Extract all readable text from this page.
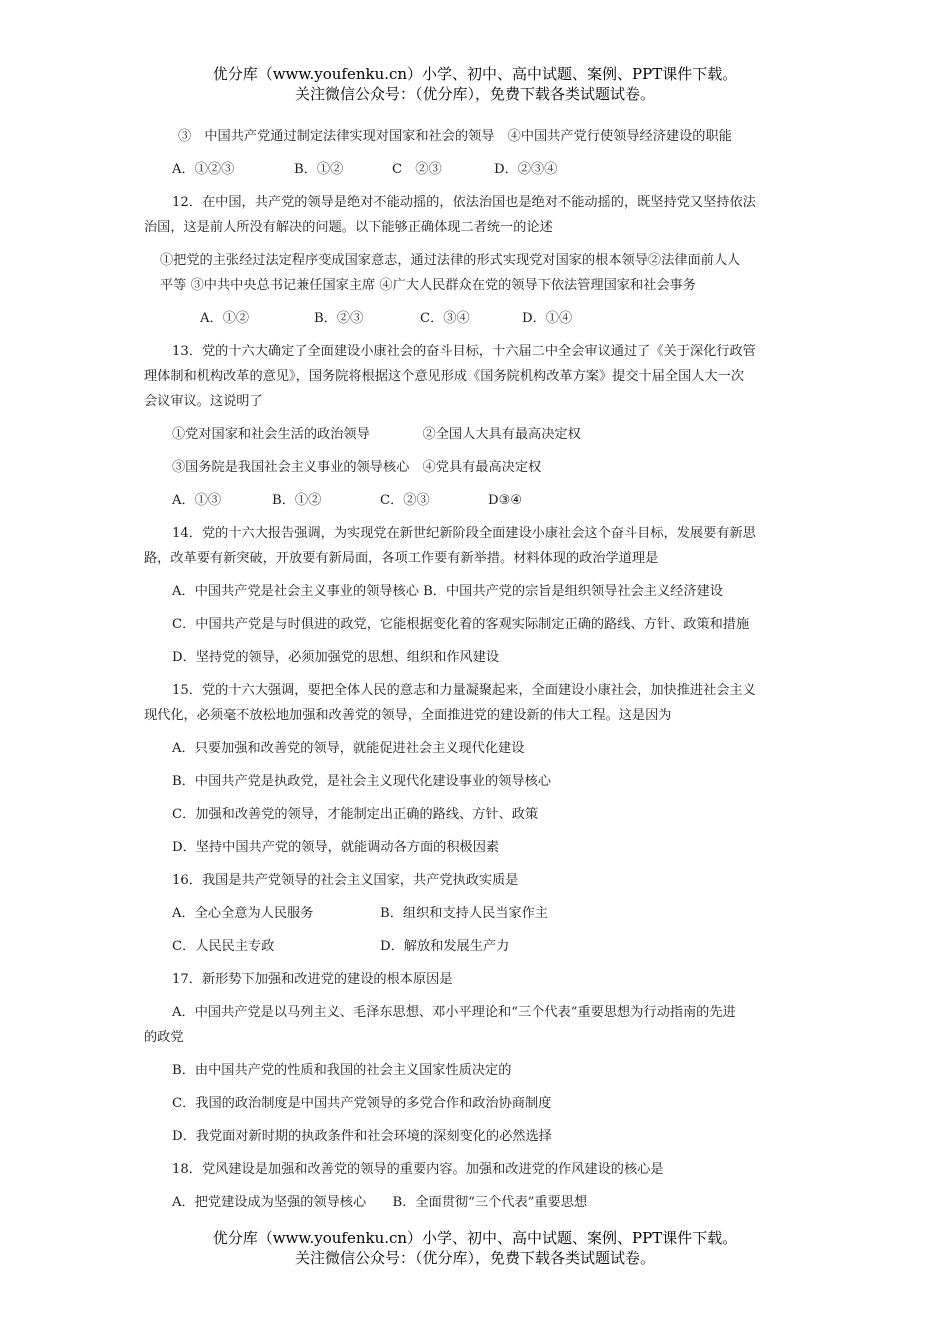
优分库（www.youfenku.cn）小学、初中、高中试题、案例、PPT课件下载。
关注微信公众号：（优分库），免费下载各类试题试卷。
③　中国共产党通过制定法律实现对国家和社会的领导　④中国共产党行使领导经济建设的职能
A．①②③	B．①②	C　②③	D．②③④
12．在中国，共产党的领导是绝对不能动摇的，依法治国也是绝对不能动摇的，既坚持党又坚持依法
治国，这是前人所没有解决的问题。以下能够正确体现二者统一的论述
①把党的主张经过法定程序变成国家意志，通过法律的形式实现党对国家的根本领导②法律面前人人
平等 ③中共中央总书记兼任国家主席 ④广大人民群众在党的领导下依法管理国家和社会事务
A．①②	B．②③	C．③④	D．①④
13．党的十六大确定了全面建设小康社会的奋斗目标，十六届二中全会审议通过了《关于深化行政管
理体制和机构改革的意见》，国务院将根据这个意见形成《国务院机构改革方案》提交十届全国人大一次
会议审议。这说明了
①党对国家和社会生活的政治领导　　　　②全国人大具有最高决定权
③国务院是我国社会主义事业的领导核心　④党具有最高决定权
A．①③	B．①②	C．②③	D③④
14．党的十六大报告强调，为实现党在新世纪新阶段全面建设小康社会这个奋斗目标，发展要有新思
路，改革要有新突破，开放要有新局面，各项工作要有新举措。材料体现的政治学道理是
A．中国共产党是社会主义事业的领导核心 B．中国共产党的宗旨是组织领导社会主义经济建设
C．中国共产党是与时俱进的政党，它能根据变化着的客观实际制定正确的路线、方针、政策和措施
D．坚持党的领导，必须加强党的思想、组织和作风建设
15．党的十六大强调，要把全体人民的意志和力量凝聚起来，全面建设小康社会，加快推进社会主义
现代化，必须毫不放松地加强和改善党的领导，全面推进党的建设新的伟大工程。这是因为
A．只要加强和改善党的领导，就能促进社会主义现代化建设
B．中国共产党是执政党，是社会主义现代化建设事业的领导核心
C．加强和改善党的领导，才能制定出正确的路线、方针、政策
D．坚持中国共产党的领导，就能调动各方面的积极因素
16．我国是共产党领导的社会主义国家，共产党执政实质是
A．全心全意为人民服务	B．组织和支持人民当家作主
C．人民民主专政	D．解放和发展生产力
17．新形势下加强和改进党的建设的根本原因是
A．中国共产党是以马列主义、毛泽东思想、邓小平理论和“三个代表”重要思想为行动指南的先进
的政党
B．由中国共产党的性质和我国的社会主义国家性质决定的
C．我国的政治制度是中国共产党领导的多党合作和政治协商制度
D．我党面对新时期的执政条件和社会环境的深刻变化的必然选择
18．党风建设是加强和改善党的领导的重要内容。加强和改进党的作风建设的核心是
A．把党建设成为坚强的领导核心　　B．全面贯彻“三个代表”重要思想
优分库（www.youfenku.cn）小学、初中、高中试题、案例、PPT课件下载。
关注微信公众号：（优分库），免费下载各类试题试卷。
